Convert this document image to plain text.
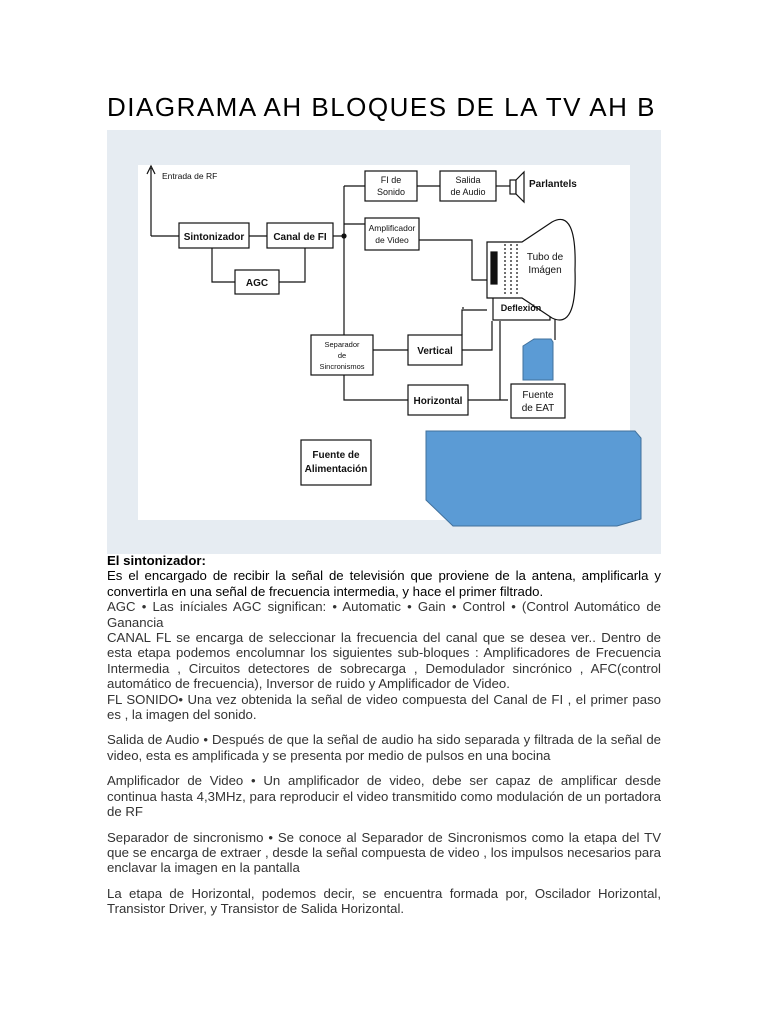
DIAGRAMA AH BLOQUES DE LA TV AH B
Entrada de RF
Sintonizador	Canal de FI
AGC
FI de
Sonido
Salida
de Audio
Parlantels
Amplificador
de Video
Tubo de
Imágen
Deflexión
Separador
de
Sincronismos
Vertical
Horizontal
Fuente
de EAT
Fuente de
Alimentación

El sintonizador:

Es el encargado de recibir la señal de televisión que proviene de la antena, amplificarla y convertirla en una señal de frecuencia intermedia, y hace el primer filtrado.

AGC • Las iníciales AGC significan: • Automatic • Gain • Control • (Control Automático de Ganancia

CANAL FL se encarga de seleccionar la frecuencia del canal que se desea ver.. Dentro de esta etapa podemos encolumnar los siguientes sub-bloques : Amplificadores de Frecuencia Intermedia , Circuitos detectores de sobrecarga , Demodulador sincrónico , AFC(control automático de frecuencia), Inversor de ruido y Amplificador de Video.

FL SONIDO• Una vez obtenida la señal de video compuesta del Canal de FI , el primer paso es , la imagen del sonido.

Salida de Audio • Después de que la señal de audio ha sido separada y filtrada de la señal de video, esta es amplificada y se presenta por medio de pulsos en una bocina

Amplificador de Video • Un amplificador de video, debe ser capaz de amplificar desde continua hasta 4,3MHz, para reproducir el video transmitido como modulación de un portadora de RF

Separador de sincronismo • Se conoce al Separador de Sincronismos como la etapa del TV que se encarga de extraer , desde la señal compuesta de video , los impulsos necesarios para enclavar la imagen en la pantalla

La etapa de Horizontal, podemos decir, se encuentra formada por, Oscilador Horizontal, Transistor Driver, y Transistor de Salida Horizontal.
